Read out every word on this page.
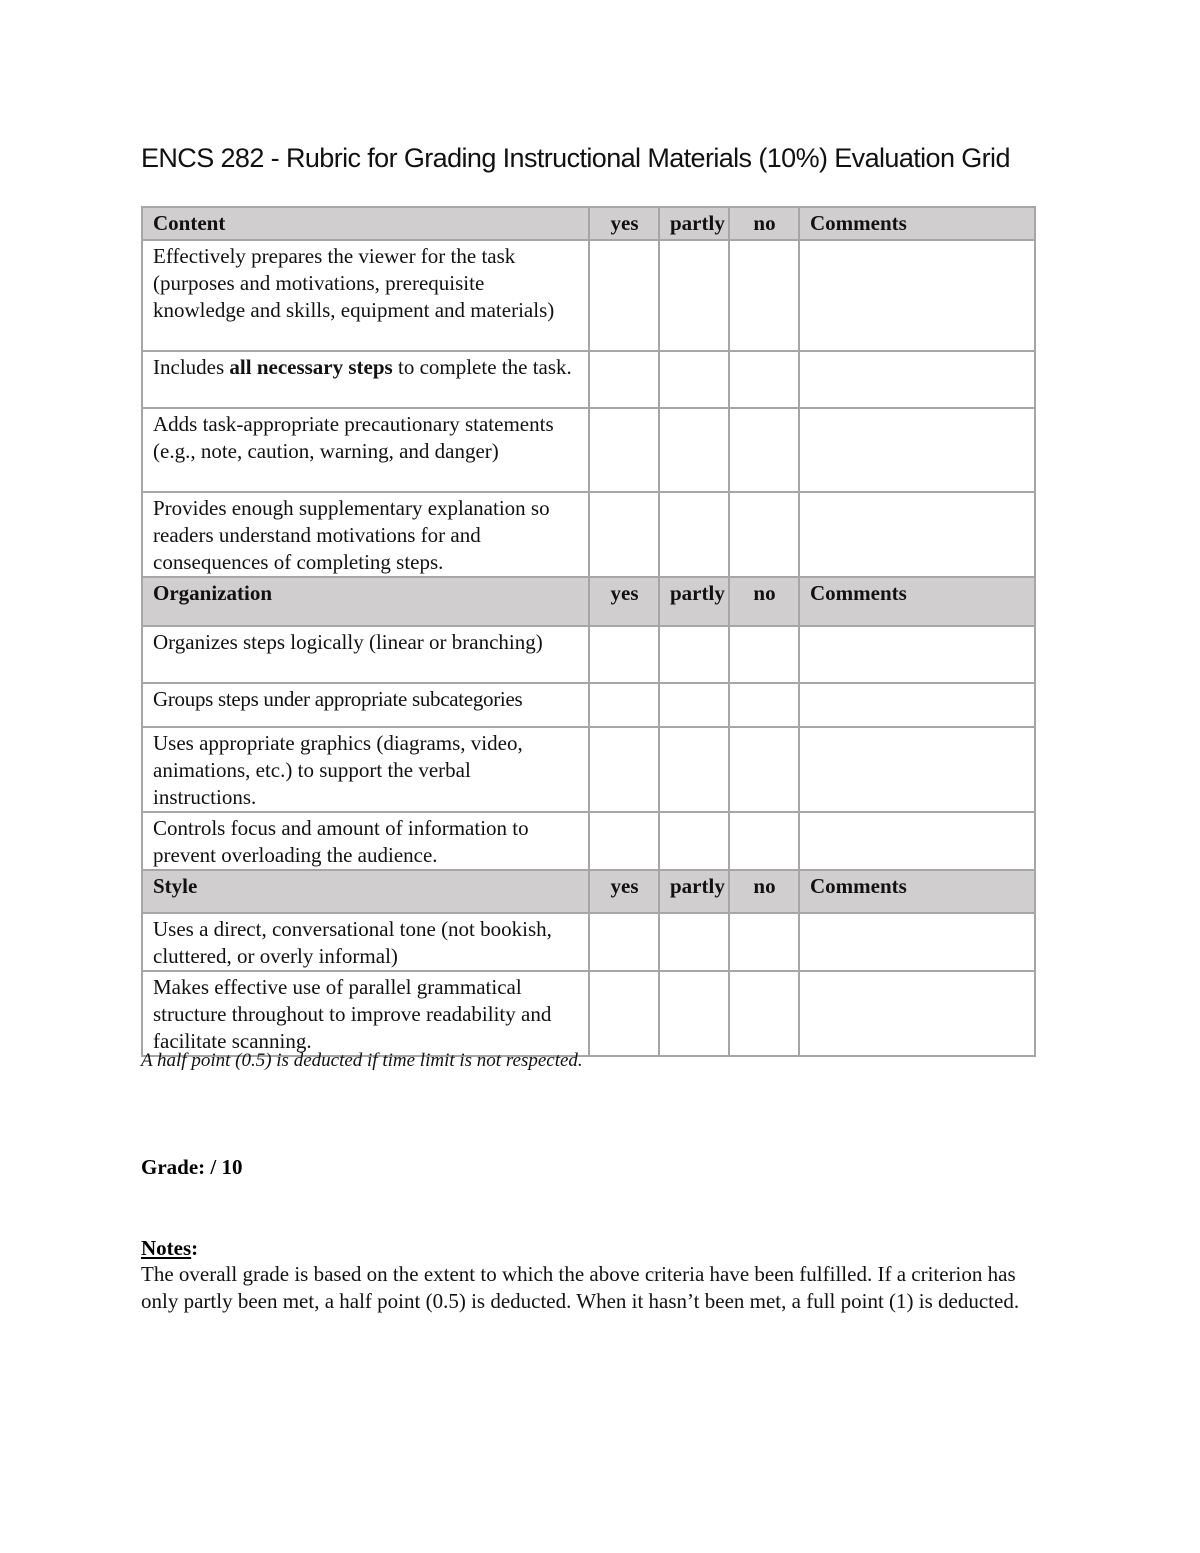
ENCS 282 - Rubric for Grading Instructional Materials (10%) Evaluation Grid
Content	yes	partly	no	Comments
Effectively prepares the viewer for the task (purposes and motivations, prerequisite knowledge and skills, equipment and materials)				
Includes all necessary steps to complete the task.				
Adds task-appropriate precautionary statements (e.g., note, caution, warning, and danger)				
Provides enough supplementary explanation so readers understand motivations for and consequences of completing steps.				
Organization	yes	partly	no	Comments
Organizes steps logically (linear or branching)				
Groups steps under appropriate subcategories				
Uses appropriate graphics (diagrams, video, animations, etc.) to support the verbal instructions.				
Controls focus and amount of information to prevent overloading the audience.				
Style	yes	partly	no	Comments
Uses a direct, conversational tone (not bookish, cluttered, or overly informal)				
Makes effective use of parallel grammatical structure throughout to improve readability and facilitate scanning.				
A half point (0.5) is deducted if time limit is not respected.
Grade: / 10
Notes:
The overall grade is based on the extent to which the above criteria have been fulfilled. If a criterion has only partly been met, a half point (0.5) is deducted. When it hasn’t been met, a full point (1) is deducted.
